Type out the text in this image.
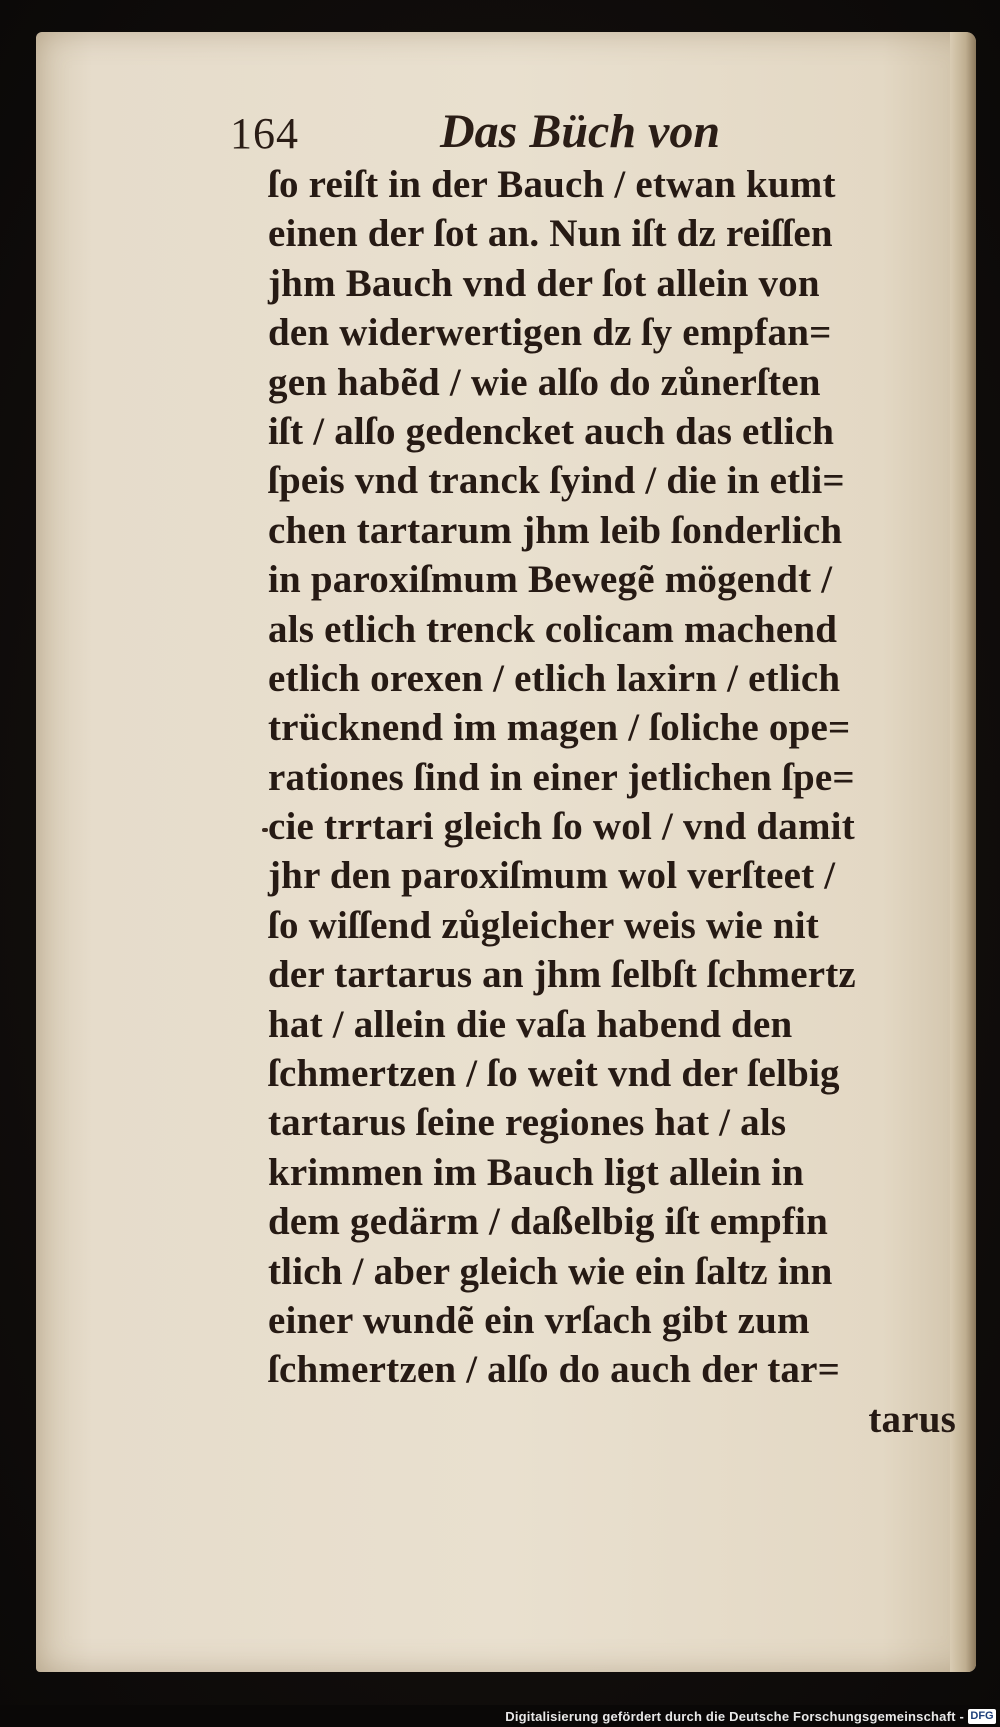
164	Das Büch von
ſo reiſt in der Bauch / etwan kumt
einen der ſot an. Nun iſt dz reiſſen
jhm Bauch vnd der ſot allein von
den widerwertigen dz ſy empfan=
gen habẽd / wie alſo do zůnerſten
iſt / alſo gedencket auch das etlich
ſpeis vnd tranck ſyind / die in etli=
chen tartarum jhm leib ſonderlich
in paroxiſmum Bewegẽ mögendt /
als etlich trenck colicam machend
etlich orexen / etlich laxirn / etlich
trücknend im magen / ſoliche ope=
rationes ſind in einer jetlichen ſpe=
cie trrtari gleich ſo wol / vnd damit
jhr den paroxiſmum wol verſteet /
ſo wiſſend zůgleicher weis wie nit
der tartarus an jhm ſelbſt ſchmertz
hat / allein die vaſa habend den
ſchmertzen / ſo weit vnd der ſelbig
tartarus ſeine regiones hat / als
krimmen im Bauch ligt allein in
dem gedärm / daßelbig iſt empfin
tlich / aber gleich wie ein ſaltz inn
einer wundẽ ein vrſach gibt zum
ſchmertzen / alſo do auch der tar=
tarus
Digitalisierung gefördert durch die Deutsche Forschungsgemeinschaft - DFG
